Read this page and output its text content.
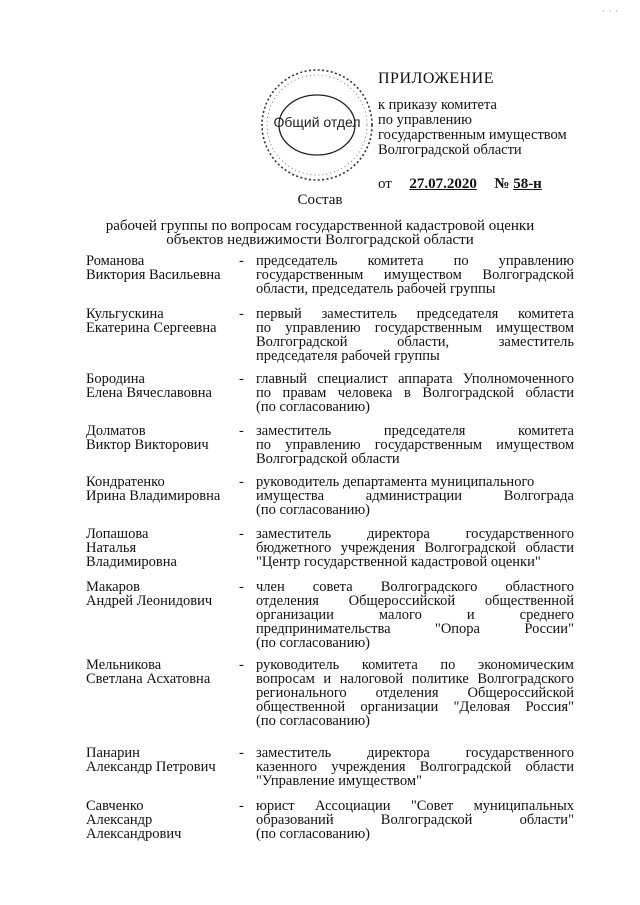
· · ·
Общий отдел
ПРИЛОЖЕНИЕ
к приказу комитета
по управлению
государственным имуществом
Волгоградской области
от 27.07.2020 № 58-н
Состав
рабочей группы по вопросам государственной кадастровой оценки
объектов недвижимости Волгоградской области
Романова
Виктория Васильевна
- председатель комитета по управлению
государственным имуществом Волгоградской
области, председатель рабочей группы
Кульгускина
Екатерина Сергеевна
- первый заместитель председателя комитета
по управлению государственным имуществом
Волгоградской области, заместитель
председателя рабочей группы
Бородина
Елена Вячеславовна
- главный специалист аппарата Уполномоченного
по правам человека в Волгоградской области
(по согласованию)
Долматов
Виктор Викторович
- заместитель председателя комитета
по управлению государственным имуществом
Волгоградской области
Кондратенко
Ирина Владимировна
- руководитель департамента муниципального
имущества администрации Волгограда
(по согласованию)
Лопашова
Наталья
Владимировна
- заместитель директора государственного
бюджетного учреждения Волгоградской области
"Центр государственной кадастровой оценки"
Макаров
Андрей Леонидович
- член совета Волгоградского областного
отделения Общероссийской общественной
организации малого и среднего
предпринимательства "Опора России"
(по согласованию)
Мельникова
Светлана Асхатовна
- руководитель комитета по экономическим
вопросам и налоговой политике Волгоградского
регионального отделения Общероссийской
общественной организации "Деловая Россия"
(по согласованию)
Панарин
Александр Петрович
- заместитель директора государственного
казенного учреждения Волгоградской области
"Управление имуществом"
Савченко
Александр
Александрович
- юрист Ассоциации "Совет муниципальных
образований Волгоградской области"
(по согласованию)
